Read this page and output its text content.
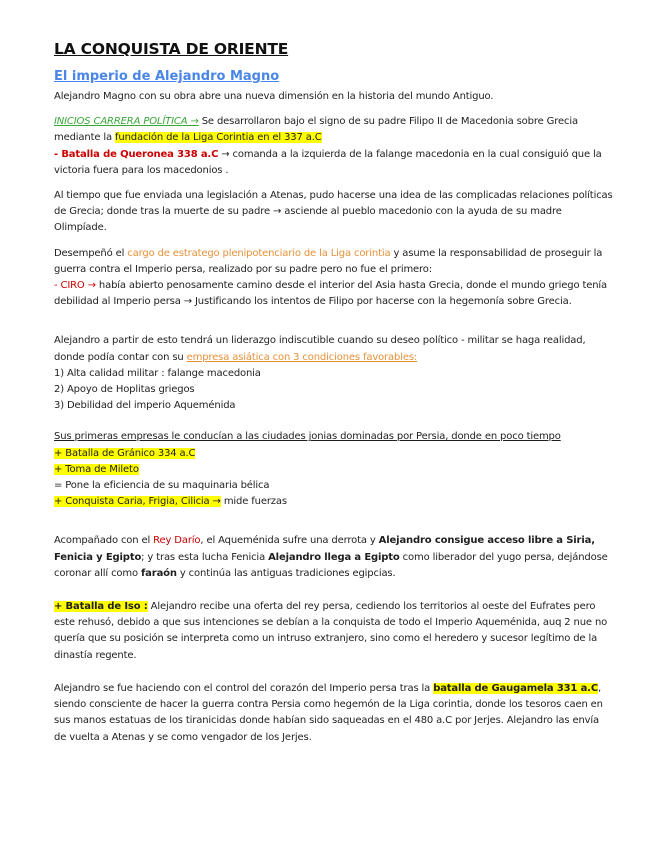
LA CONQUISTA DE ORIENTE
El imperio de Alejandro Magno

Alejandro Magno con su obra abre una nueva dimensión en la historia del mundo Antiguo.

INICIOS CARRERA POLÍTICA → Se desarrollaron bajo el signo de su padre Filipo II de Macedonia sobre Grecia mediante la fundación de la Liga Corintia en el 337 a.C
- Batalla de Queronea 338 a.C → comanda a la izquierda de la falange macedonia en la cual consiguió que la victoria fuera para los macedonios .

Al tiempo que fue enviada una legislación a Atenas, pudo hacerse una idea de las complicadas relaciones políticas de Grecia; donde tras la muerte de su padre → asciende al pueblo macedonio con la ayuda de su madre Olimpíade.

Desempeñó el cargo de estratego plenipotenciario de la Liga corintia y asume la responsabilidad de proseguir la guerra contra el Imperio persa, realizado por su padre pero no fue el primero:
- CIRO → había abierto penosamente camino desde el interior del Asia hasta Grecia, donde el mundo griego tenía debilidad al Imperio persa → Justificando los intentos de Filipo por hacerse con la hegemonía sobre Grecia.

Alejandro a partir de esto tendrá un liderazgo indiscutible cuando su deseo político - militar se haga realidad, donde podía contar con su empresa asiática con 3 condiciones favorables:

1) Alta calidad militar : falange macedonia

2) Apoyo de Hoplitas griegos

3) Debilidad del imperio Aqueménida

Sus primeras empresas le conducían a las ciudades jonias dominadas por Persia, donde en poco tiempo

+ Batalla de Gránico 334 a.C

+ Toma de Mileto

= Pone la eficiencia de su maquinaria bélica

+ Conquista Caria, Frigia, Cilicia → mide fuerzas

Acompañado con el Rey Darío, el Aqueménida sufre una derrota y Alejandro consigue acceso libre a Siria, Fenicia y Egipto; y tras esta lucha Fenicia Alejandro llega a Egipto como liberador del yugo persa, dejándose coronar allí como faraón y continúa las antiguas tradiciones egipcias.

+ Batalla de Iso : Alejandro recibe una oferta del rey persa, cediendo los territorios al oeste del Eufrates pero este rehusó, debido a que sus intenciones se debían a la conquista de todo el Imperio Aqueménida, auq 2 nue no quería que su posición se interpreta como un intruso extranjero, sino como el heredero y sucesor legítimo de la dinastía regente.

Alejandro se fue haciendo con el control del corazón del Imperio persa tras la batalla de Gaugamela 331 a.C, siendo consciente de hacer la guerra contra Persia como hegemón de la Liga corintia, donde los tesoros caen en sus manos estatuas de los tiranicidas donde habían sido saqueadas en el 480 a.C por Jerjes. Alejandro las envía de vuelta a Atenas y se como vengador de los Jerjes.
